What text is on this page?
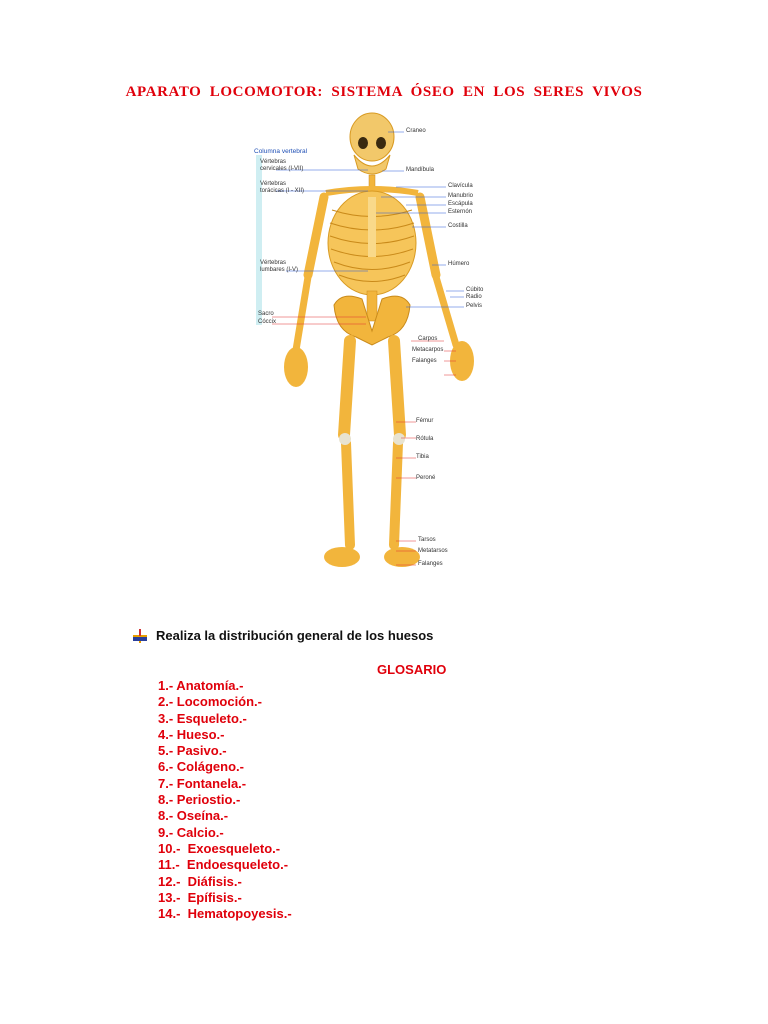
APARATO LOCOMOTOR: SISTEMA ÓSEO EN LOS SERES VIVOS
Craneo
Mandíbula
Clavícula
Manubrio
Escápula
Esternón
Costilla
Húmero
Cúbito
Radio
Pelvis
Carpos
Metacarpos
Falanges
Fémur
Rótula
Tibia
Peroné
Tarsos
Metatarsos
Falanges
Columna vertebral
Vértebras
cervicales (I-VII)
Vértebras
torácicas (I - XII)
Vértebras
lumbares (I-V)
Sacro
Cóccix
Realiza la distribución general de los huesos
GLOSARIO
1.- Anatomía.-
2.- Locomoción.-
3.- Esqueleto.-
4.- Hueso.-
5.- Pasivo.-
6.- Colágeno.-
7.- Fontanela.-
8.- Periostio.-
8.- Oseína.-
9.- Calcio.-
10.-  Exoesqueleto.-
11.-  Endoesqueleto.-
12.-  Diáfisis.-
13.-  Epífisis.-
14.-  Hematopoyesis.-
